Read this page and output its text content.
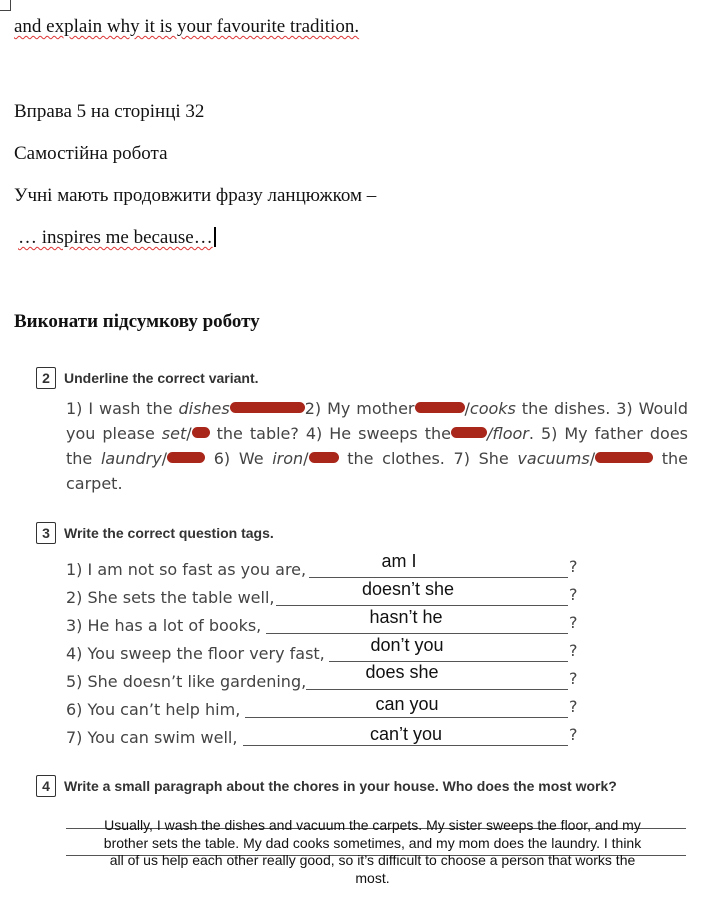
and explain why it is your favourite tradition.
Вправа 5 на сторінці 32
Самостійна робота
Учні мають продовжити фразу ланцюжком –
… inspires me because…
Виконати підсумкову роботу
2	Underline the correct variant.
1) I wash the dishes	2) My mother	/cooks the dishes. 3) Would you please set/ the table? 4) He sweeps the /floor. 5) My father does the laundry/ 6) We iron/ the clothes. 7) She vacuums/	the carpet.
3	Write the correct question tags.
1) I am not so fast as you are,	am I	?
2) She sets the table well,	doesn’t she	?
3) He has a lot of books,	hasn’t he	?
4) You sweep the floor very fast,	don’t you	?
5) She doesn’t like gardening,	does she	?
6) You can’t help him,	can you	?
7) You can swim well,	can’t you	?
4	Write a small paragraph about the chores in your house. Who does the most work?
Usually, I wash the dishes and vacuum the carpets. My sister sweeps the floor, and my brother sets the table. My dad cooks sometimes, and my mom does the laundry. I think all of us help each other really good, so it’s difficult to choose a person that works the most.
